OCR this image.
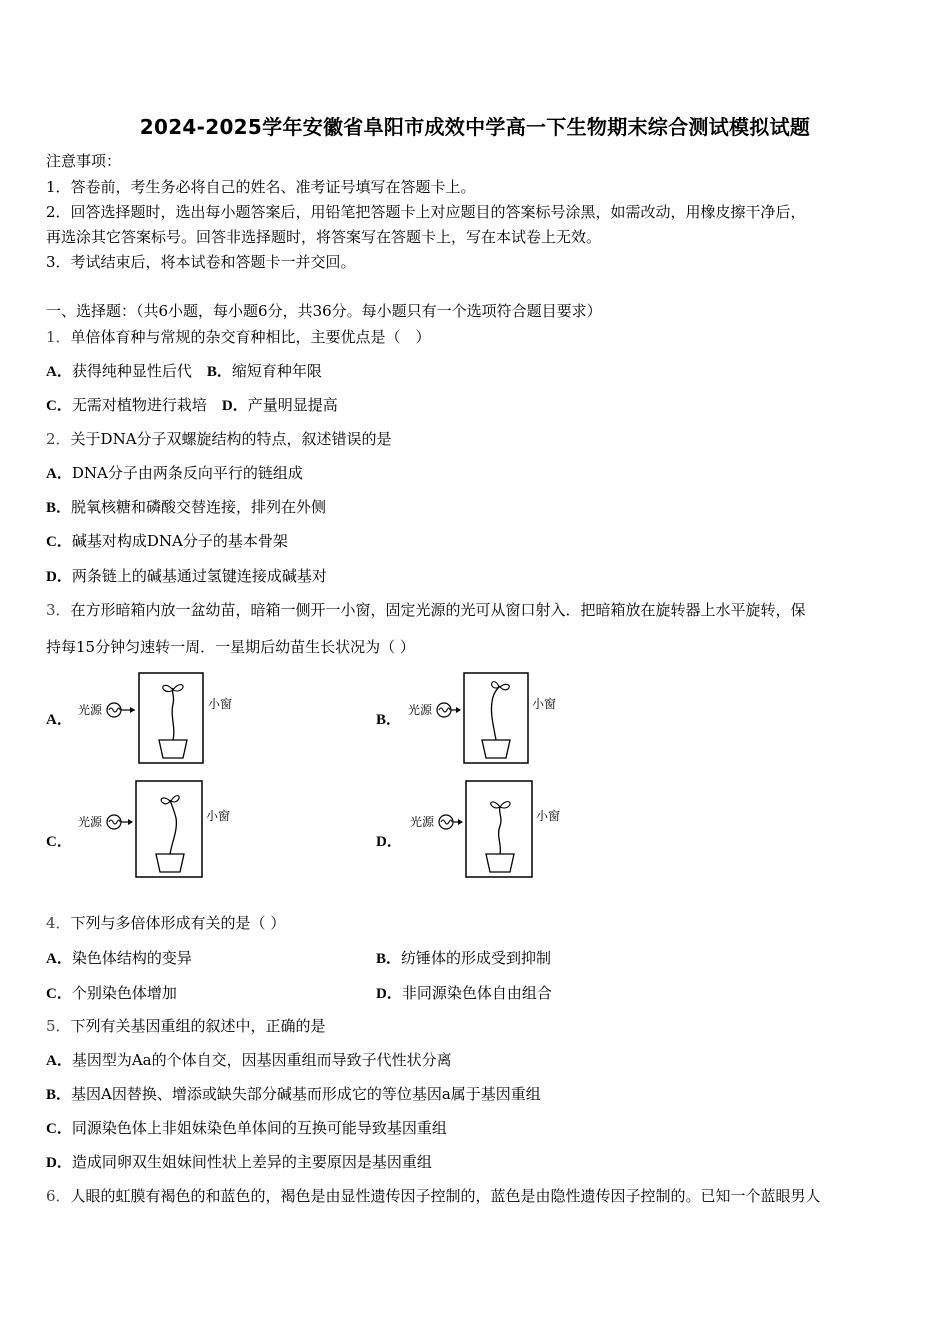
2024-2025学年安徽省阜阳市成效中学高一下生物期末综合测试模拟试题
注意事项：
1．答卷前，考生务必将自己的姓名、准考证号填写在答题卡上。
2．回答选择题时，选出每小题答案后，用铅笔把答题卡上对应题目的答案标号涂黑，如需改动，用橡皮擦干净后，
再选涂其它答案标号。回答非选择题时，将答案写在答题卡上，写在本试卷上无效。
3．考试结束后，将本试卷和答题卡一并交回。
一、选择题：（共6小题，每小题6分，共36分。每小题只有一个选项符合题目要求）
1．单倍体育种与常规的杂交育种相比，主要优点是（　）
A．获得纯种显性后代　 B．缩短育种年限
C．无需对植物进行栽培　 D．产量明显提高
2．关于DNA分子双螺旋结构的特点，叙述错误的是
A．DNA分子由两条反向平行的链组成
B．脱氧核糖和磷酸交替连接，排列在外侧
C．碱基对构成DNA分子的基本骨架
D．两条链上的碱基通过氢键连接成碱基对
3．在方形暗箱内放一盆幼苗，暗箱一侧开一小窗，固定光源的光可从窗口射入．把暗箱放在旋转器上水平旋转，保
持每15分钟匀速转一周．一星期后幼苗生长状况为（ ）
A．
光源	小窗
B．
光源	小窗
C．
光源	小窗
D．
光源	小窗
4．下列与多倍体形成有关的是（ ）
A．染色体结构的变异	B．纺锤体的形成受到抑制
C．个别染色体增加	D．非同源染色体自由组合
5．下列有关基因重组的叙述中，正确的是
A．基因型为Aa的个体自交，因基因重组而导致子代性状分离
B．基因A因替换、增添或缺失部分碱基而形成它的等位基因a属于基因重组
C．同源染色体上非姐妹染色单体间的互换可能导致基因重组
D．造成同卵双生姐妹间性状上差异的主要原因是基因重组
6．人眼的虹膜有褐色的和蓝色的，褐色是由显性遗传因子控制的，蓝色是由隐性遗传因子控制的。已知一个蓝眼男人
